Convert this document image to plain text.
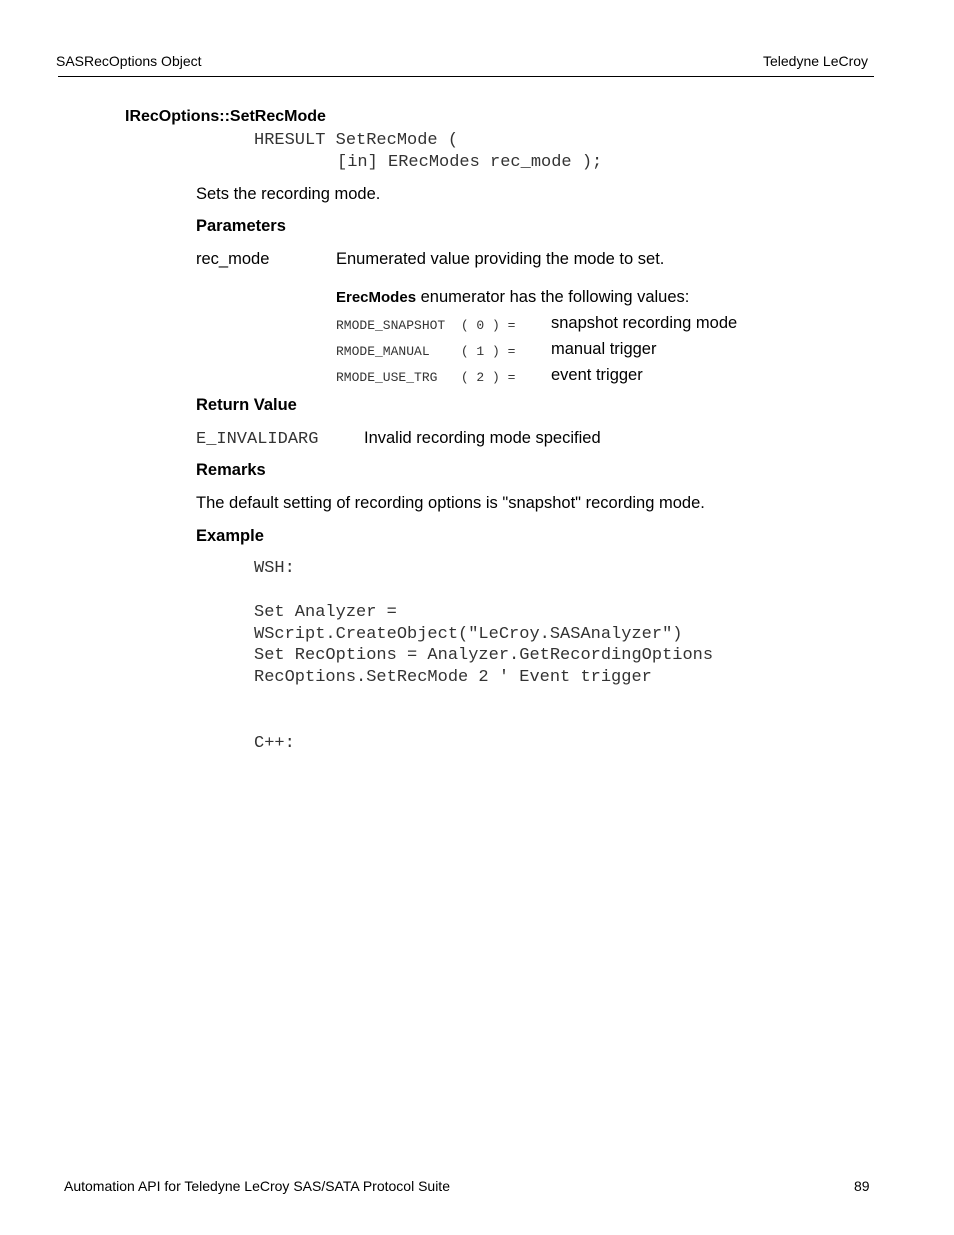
SASRecOptions Object	Teledyne LeCroy
IRecOptions::SetRecMode
HRESULT SetRecMode (
[in] ERecModes rec_mode );
Sets the recording mode.
Parameters
rec_mode	Enumerated value providing the mode to set.
ErecModes enumerator has the following values:
RMODE_SNAPSHOT  ( 0 ) = snapshot recording mode
RMODE_MANUAL    ( 1 ) = manual trigger
RMODE_USE_TRG   ( 2 ) = event trigger
Return Value
E_INVALIDARG	Invalid recording mode specified
Remarks
The default setting of recording options is "snapshot" recording mode.
Example
WSH:
Set Analyzer =
WScript.CreateObject("LeCroy.SASAnalyzer")
Set RecOptions = Analyzer.GetRecordingOptions
RecOptions.SetRecMode 2 ' Event trigger
C++:
Automation API for Teledyne LeCroy SAS/SATA Protocol Suite	89
